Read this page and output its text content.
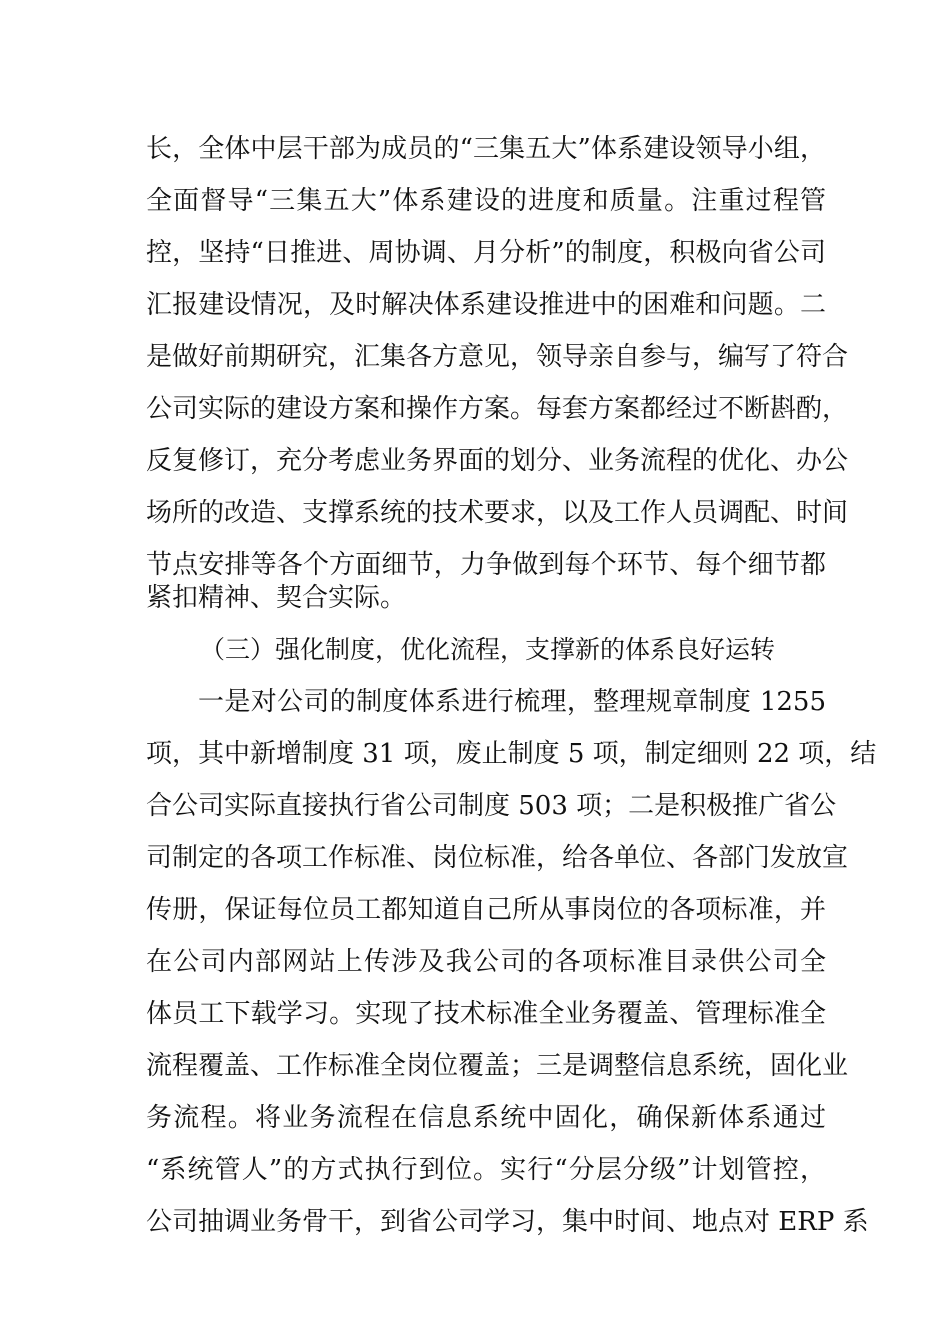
长，全体中层干部为成员的“三集五大”体系建设领导小组，
全面督导“三集五大”体系建设的进度和质量。注重过程管
控，坚持“日推进、周协调、月分析”的制度，积极向省公司
汇报建设情况，及时解决体系建设推进中的困难和问题。二
是做好前期研究，汇集各方意见，领导亲自参与，编写了符合
公司实际的建设方案和操作方案。每套方案都经过不断斟酌，
反复修订，充分考虑业务界面的划分、业务流程的优化、办公
场所的改造、支撑系统的技术要求，以及工作人员调配、时间
节点安排等各个方面细节，力争做到每个环节、每个细节都
紧扣精神、契合实际。
（三）强化制度，优化流程，支撑新的体系良好运转
一是对公司的制度体系进行梳理，整理规章制度 1255
项，其中新增制度 31 项，废止制度 5 项，制定细则 22 项，结
合公司实际直接执行省公司制度 503 项；二是积极推广省公
司制定的各项工作标准、岗位标准，给各单位、各部门发放宣
传册，保证每位员工都知道自己所从事岗位的各项标准，并
在公司内部网站上传涉及我公司的各项标准目录供公司全
体员工下载学习。实现了技术标准全业务覆盖、管理标准全
流程覆盖、工作标准全岗位覆盖；三是调整信息系统，固化业
务流程。将业务流程在信息系统中固化，确保新体系通过
“系统管人”的方式执行到位。实行“分层分级”计划管控，
公司抽调业务骨干，到省公司学习，集中时间、地点对 ERP 系
